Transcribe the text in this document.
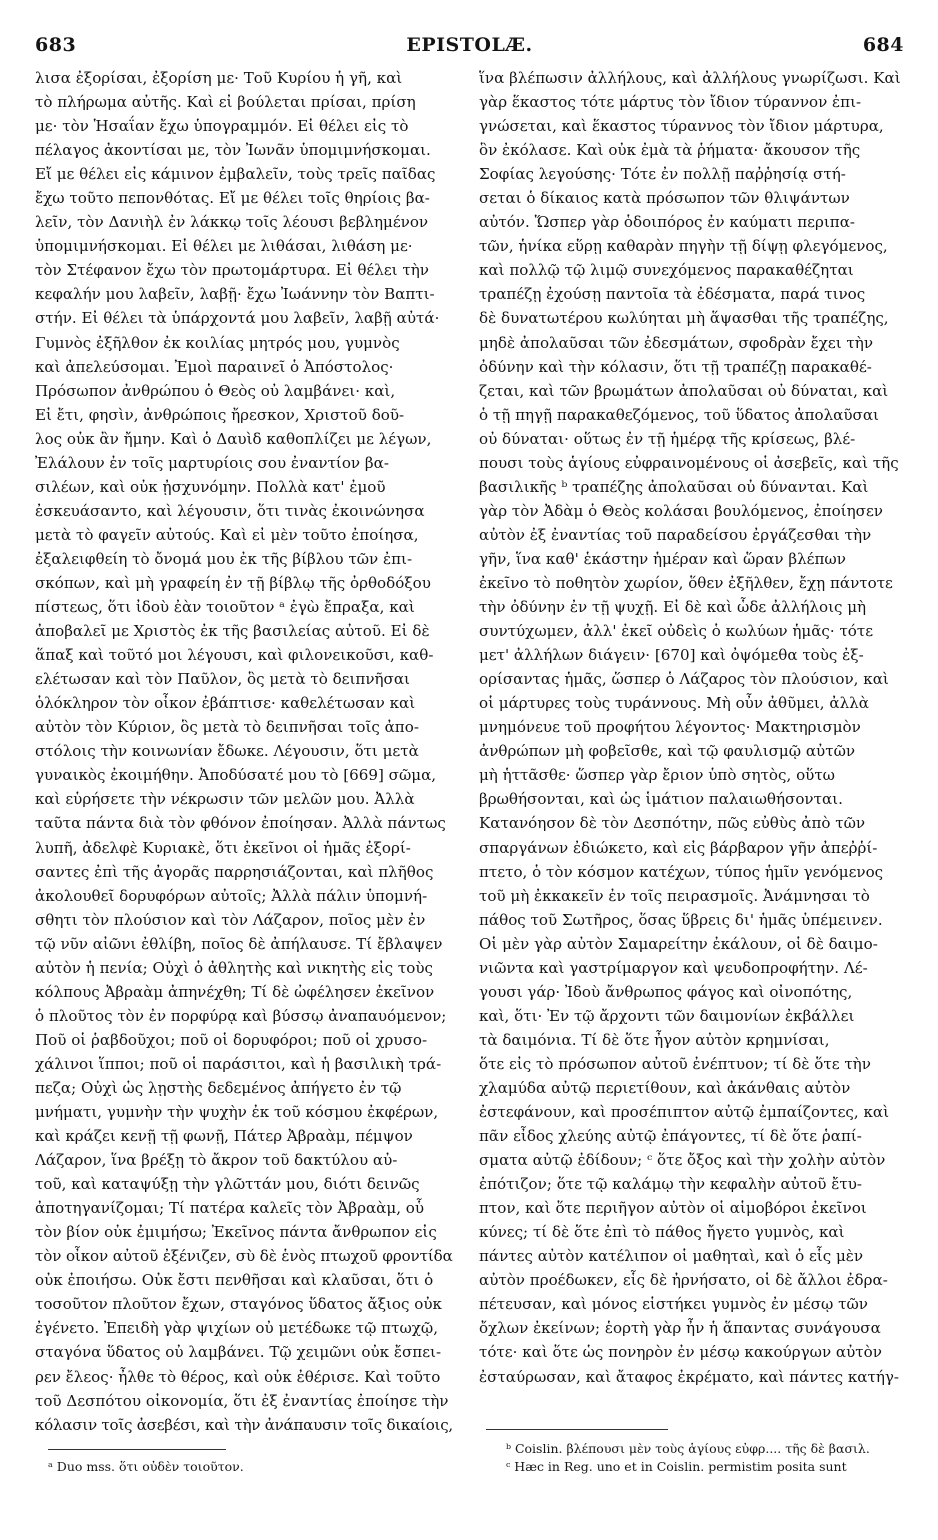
683	EPISTOLÆ.	684

λισα ἐξορίσαι, ἐξορίση με· Τοῦ Κυρίου ἡ γῆ, καὶ

τὸ πλήρωμα αὐτῆς. Καὶ εἰ βούλεται πρίσαι, πρίση

με· τὸν Ἡσαΐαν ἔχω ὑπογραμμόν. Εἰ θέλει εἰς τὸ

πέλαγος ἀκοντίσαι με, τὸν Ἰωνᾶν ὑπομιμνήσκομαι.

Εἴ με θέλει εἰς κάμινον ἐμβαλεῖν, τοὺς τρεῖς παῖδας

ἔχω τοῦτο πεπονθότας. Εἴ με θέλει τοῖς θηρίοις βα-

λεῖν, τὸν Δανιὴλ ἐν λάκκῳ τοῖς λέουσι βεβλημένον

ὑπομιμνήσκομαι. Εἰ θέλει με λιθάσαι, λιθάση με·

τὸν Στέφανον ἔχω τὸν πρωτομάρτυρα. Εἰ θέλει τὴν

κεφαλήν μου λαβεῖν, λαβῇ· ἔχω Ἰωάννην τὸν Βαπτι-

στήν. Εἰ θέλει τὰ ὑπάρχοντά μου λαβεῖν, λαβῇ αὐτά·

Γυμνὸς ἐξῆλθον ἐκ κοιλίας μητρός μου, γυμνὸς

καὶ ἀπελεύσομαι. Ἐμοὶ παραινεῖ ὁ Ἀπόστολος·

Πρόσωπον ἀνθρώπου ὁ Θεὸς οὐ λαμβάνει· καὶ,

Εἰ ἔτι, φησὶν, ἀνθρώποις ἤρεσκον, Χριστοῦ δοῦ-

λος οὐκ ἂν ἤμην. Καὶ ὁ Δαυὶδ καθοπλίζει με λέγων,

Ἐλάλουν ἐν τοῖς μαρτυρίοις σου ἐναντίον βα-

σιλέων, καὶ οὐκ ᾐσχυνόμην. Πολλὰ κατ' ἐμοῦ

ἐσκευάσαντο, καὶ λέγουσιν, ὅτι τινὰς ἐκοινώνησα

μετὰ τὸ φαγεῖν αὐτούς. Καὶ εἰ μὲν τοῦτο ἐποίησα,

ἐξαλειφθείη τὸ ὄνομά μου ἐκ τῆς βίβλου τῶν ἐπι-

σκόπων, καὶ μὴ γραφείη ἐν τῇ βίβλῳ τῆς ὀρθοδόξου

πίστεως, ὅτι ἰδοὺ ἐὰν τοιοῦτον ᵃ ἐγὼ ἔπραξα, καὶ

ἀποβαλεῖ με Χριστὸς ἐκ τῆς βασιλείας αὐτοῦ. Εἰ δὲ

ἅπαξ καὶ τοῦτό μοι λέγουσι, καὶ φιλονεικοῦσι, καθ-

ελέτωσαν καὶ τὸν Παῦλον, ὃς μετὰ τὸ δειπνῆσαι

ὁλόκληρον τὸν οἶκον ἐβάπτισε· καθελέτωσαν καὶ

αὐτὸν τὸν Κύριον, ὃς μετὰ τὸ δειπνῆσαι τοῖς ἀπο-

στόλοις τὴν κοινωνίαν ἔδωκε. Λέγουσιν, ὅτι μετὰ

γυναικὸς ἐκοιμήθην. Ἀποδύσατέ μου τὸ [669] σῶμα,

καὶ εὑρήσετε τὴν νέκρωσιν τῶν μελῶν μου. Ἀλλὰ

ταῦτα πάντα διὰ τὸν φθόνον ἐποίησαν. Ἀλλὰ πάντως

λυπῆ, ἀδελφὲ Κυριακὲ, ὅτι ἐκεῖνοι οἱ ἡμᾶς ἐξορί-

σαντες ἐπὶ τῆς ἀγορᾶς παρρησιάζονται, καὶ πλῆθος

ἀκολουθεῖ δορυφόρων αὐτοῖς; Ἀλλὰ πάλιν ὑπομνή-

σθητι τὸν πλούσιον καὶ τὸν Λάζαρον, ποῖος μὲν ἐν

τῷ νῦν αἰῶνι ἐθλίβη, ποῖος δὲ ἀπήλαυσε. Τί ἔβλαψεν

αὐτὸν ἡ πενία; Οὐχὶ ὁ ἀθλητὴς καὶ νικητὴς εἰς τοὺς

κόλπους Ἀβραὰμ ἀπηνέχθη; Τί δὲ ὠφέλησεν ἐκεῖνον

ὁ πλοῦτος τὸν ἐν πορφύρᾳ καὶ βύσσῳ ἀναπαυόμενον;

Ποῦ οἱ ῥαβδοῦχοι; ποῦ οἱ δορυφόροι; ποῦ οἱ χρυσο-

χάλινοι ἵπποι; ποῦ οἱ παράσιτοι, καὶ ἡ βασιλικὴ τρά-

πεζα; Οὐχὶ ὡς λῃστὴς δεδεμένος ἀπήγετο ἐν τῷ

μνήματι, γυμνὴν τὴν ψυχὴν ἐκ τοῦ κόσμου ἐκφέρων,

καὶ κράζει κενῇ τῇ φωνῇ, Πάτερ Ἀβραὰμ, πέμψον

Λάζαρον, ἵνα βρέξῃ τὸ ἄκρον τοῦ δακτύλου αὐ-

τοῦ, καὶ καταψύξῃ τὴν γλῶττάν μου, διότι δεινῶς

ἀποτηγανίζομαι; Τί πατέρα καλεῖς τὸν Ἀβραὰμ, οὗ

τὸν βίον οὐκ ἐμιμήσω; Ἐκεῖνος πάντα ἄνθρωπον εἰς

τὸν οἶκον αὐτοῦ ἐξένιζεν, σὺ δὲ ἑνὸς πτωχοῦ φροντίδα

οὐκ ἐποιήσω. Οὐκ ἔστι πενθῆσαι καὶ κλαῦσαι, ὅτι ὁ

τοσοῦτον πλοῦτον ἔχων, σταγόνος ὕδατος ἄξιος οὐκ

ἐγένετο. Ἐπειδὴ γὰρ ψιχίων οὐ μετέδωκε τῷ πτωχῷ,

σταγόνα ὕδατος οὐ λαμβάνει. Τῷ χειμῶνι οὐκ ἔσπει-

ρεν ἔλεος· ἦλθε τὸ θέρος, καὶ οὐκ ἐθέρισε. Καὶ τοῦτο

τοῦ Δεσπότου οἰκονομία, ὅτι ἐξ ἐναντίας ἐποίησε τὴν

κόλασιν τοῖς ἀσεβέσι, καὶ τὴν ἀνάπαυσιν τοῖς δικαίοις,

ἵνα βλέπωσιν ἀλλήλους, καὶ ἀλλήλους γνωρίζωσι. Καὶ

γὰρ ἕκαστος τότε μάρτυς τὸν ἴδιον τύραννον ἐπι-

γνώσεται, καὶ ἕκαστος τύραννος τὸν ἴδιον μάρτυρα,

ὃν ἐκόλασε. Καὶ οὐκ ἐμὰ τὰ ῥήματα· ἄκουσον τῆς

Σοφίας λεγούσης· Τότε ἐν πολλῇ παῤῥησίᾳ στή-

σεται ὁ δίκαιος κατὰ πρόσωπον τῶν θλιψάντων

αὐτόν. Ὥσπερ γὰρ ὁδοιπόρος ἐν καύματι περιπα-

τῶν, ἡνίκα εὕρῃ καθαρὰν πηγὴν τῇ δίψῃ φλεγόμενος,

καὶ πολλῷ τῷ λιμῷ συνεχόμενος παρακαθέζηται

τραπέζῃ ἐχούσῃ παντοῖα τὰ ἐδέσματα, παρά τινος

δὲ δυνατωτέρου κωλύηται μὴ ἅψασθαι τῆς τραπέζης,

μηδὲ ἀπολαῦσαι τῶν ἐδεσμάτων, σφοδρὰν ἔχει τὴν

ὀδύνην καὶ τὴν κόλασιν, ὅτι τῇ τραπέζῃ παρακαθέ-

ζεται, καὶ τῶν βρωμάτων ἀπολαῦσαι οὐ δύναται, καὶ

ὁ τῇ πηγῇ παρακαθεζόμενος, τοῦ ὕδατος ἀπολαῦσαι

οὐ δύναται· οὕτως ἐν τῇ ἡμέρᾳ τῆς κρίσεως, βλέ-

πουσι τοὺς ἁγίους εὐφραινομένους οἱ ἀσεβεῖς, καὶ τῆς

βασιλικῆς ᵇ τραπέζης ἀπολαῦσαι οὐ δύνανται. Καὶ

γὰρ τὸν Ἀδὰμ ὁ Θεὸς κολάσαι βουλόμενος, ἐποίησεν

αὐτὸν ἐξ ἐναντίας τοῦ παραδείσου ἐργάζεσθαι τὴν

γῆν, ἵνα καθ' ἑκάστην ἡμέραν καὶ ὥραν βλέπων

ἐκεῖνο τὸ ποθητὸν χωρίον, ὅθεν ἐξῆλθεν, ἔχῃ πάντοτε

τὴν ὀδύνην ἐν τῇ ψυχῇ. Εἰ δὲ καὶ ὧδε ἀλλήλοις μὴ

συντύχωμεν, ἀλλ' ἐκεῖ οὐδεὶς ὁ κωλύων ἡμᾶς· τότε

μετ' ἀλλήλων διάγειν· [670] καὶ ὀψόμεθα τοὺς ἐξ-

ορίσαντας ἡμᾶς, ὥσπερ ὁ Λάζαρος τὸν πλούσιον, καὶ

οἱ μάρτυρες τοὺς τυράννους. Μὴ οὖν ἀθῦμει, ἀλλὰ

μνημόνευε τοῦ προφήτου λέγοντος· Μακτηρισμὸν

ἀνθρώπων μὴ φοβεῖσθε, καὶ τῷ φαυλισμῷ αὐτῶν

μὴ ἡττᾶσθε· ὥσπερ γὰρ ἔριον ὑπὸ σητὸς, οὕτω

βρωθήσονται, καὶ ὡς ἱμάτιον παλαιωθήσονται.

Κατανόησον δὲ τὸν Δεσπότην, πῶς εὐθὺς ἀπὸ τῶν

σπαργάνων ἐδιώκετο, καὶ εἰς βάρβαρον γῆν ἀπεῤῥί-

πτετο, ὁ τὸν κόσμον κατέχων, τύπος ἡμῖν γενόμενος

τοῦ μὴ ἐκκακεῖν ἐν τοῖς πειρασμοῖς. Ἀνάμνησαι τὸ

πάθος τοῦ Σωτῆρος, ὅσας ὕβρεις δι' ἡμᾶς ὑπέμεινεν.

Οἱ μὲν γὰρ αὐτὸν Σαμαρείτην ἐκάλουν, οἱ δὲ δαιμο-

νιῶντα καὶ γαστρίμαργον καὶ ψευδοπροφήτην. Λέ-

γουσι γάρ· Ἰδοὺ ἄνθρωπος φάγος καὶ οἰνοπότης,

καὶ, ὅτι· Ἐν τῷ ἄρχοντι τῶν δαιμονίων ἐκβάλλει

τὰ δαιμόνια. Τί δὲ ὅτε ἦγον αὐτὸν κρημνίσαι,

ὅτε εἰς τὸ πρόσωπον αὐτοῦ ἐνέπτυον; τί δὲ ὅτε τὴν

χλαμύδα αὐτῷ περιετίθουν, καὶ ἀκάνθαις αὐτὸν

ἐστεφάνουν, καὶ προσέπιπτον αὐτῷ ἐμπαίζοντες, καὶ

πᾶν εἶδος χλεύης αὐτῷ ἐπάγοντες, τί δὲ ὅτε ῥαπί-

σματα αὐτῷ ἐδίδουν; ᶜ ὅτε ὄξος καὶ τὴν χολὴν αὐτὸν

ἐπότιζον; ὅτε τῷ καλάμῳ τὴν κεφαλὴν αὐτοῦ ἔτυ-

πτον, καὶ ὅτε περιῆγον αὐτὸν οἱ αἱμοβόροι ἐκεῖνοι

κύνες; τί δὲ ὅτε ἐπὶ τὸ πάθος ἤγετο γυμνὸς, καὶ

πάντες αὐτὸν κατέλιπον οἱ μαθηταὶ, καὶ ὁ εἷς μὲν

αὐτὸν προέδωκεν, εἷς δὲ ἠρνήσατο, οἱ δὲ ἄλλοι ἐδρα-

πέτευσαν, καὶ μόνος εἱστήκει γυμνὸς ἐν μέσῳ τῶν

ὄχλων ἐκείνων; ἑορτὴ γὰρ ἦν ἡ ἅπαντας συνάγουσα

τότε· καὶ ὅτε ὡς πονηρὸν ἐν μέσῳ κακούργων αὐτὸν

ἐσταύρωσαν, καὶ ἄταφος ἐκρέματο, καὶ πάντες κατήγ-

ᵃ Duo mss. ὅτι οὐδὲν τοιοῦτον.
ᵇ Coislin. βλέπουσι μὲν τοὺς ἁγίους εὐφρ.... τῆς δὲ βασιλ.
ᶜ Hæc in Reg. uno et in Coislin. permistim posita sunt
